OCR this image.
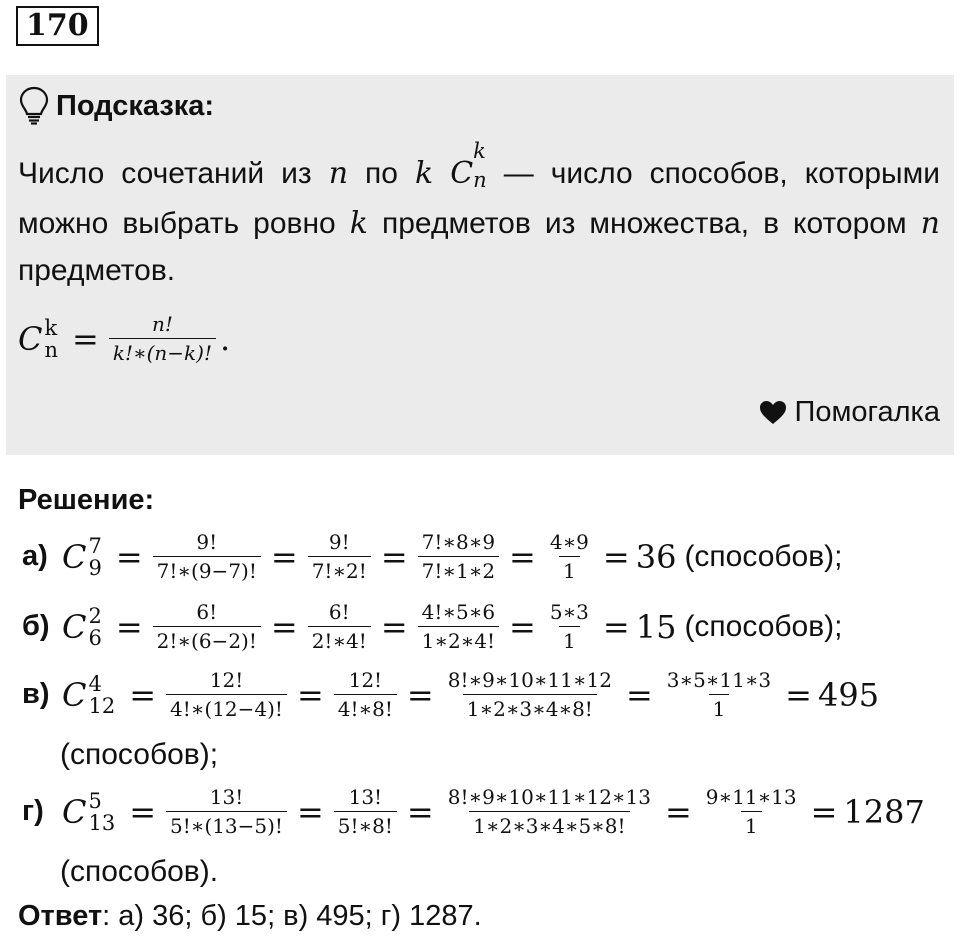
170
Подсказка:
Число сочетаний из n по k C
k
n — число способов, которыми можно выбрать ровно k предметов из множества, в котором n предметов.
C k
$n = \frac{n!}{k!∗(n-k)!}$ .
Помогалка
Решение:
а) C 7
$9 = \frac{9!}{7!∗(9-7)!} = \frac{9!}{7!∗2!} = \frac{7!∗8∗9}{7!∗1∗2} = \frac{4∗9}{1} = 36$ (способов);
б) C 2
$6 = \frac{6!}{2!∗(6-2)!} = \frac{6!}{2!∗4!} = \frac{4!∗5∗6}{1∗2∗4!} = \frac{5∗3}{1} = 15$ (способов);
в) C 4
$12 = \frac{12!}{4!∗(12-4)!} = \frac{12!}{4!∗8!} = \frac{8!∗9∗10∗11∗12}{1∗2∗3∗4∗8!} = \frac{3∗5∗11∗3}{1} = 495$
(способов);
г) C 5
$13 = \frac{13!}{5!∗(13-5)!} = \frac{13!}{5!∗8!} = \frac{8!∗9∗10∗11∗12∗13}{1∗2∗3∗4∗5∗8!} = \frac{9∗11∗13}{1} = 1287$
(способов).
Ответ: а) 36; б) 15; в) 495; г) 1287.
